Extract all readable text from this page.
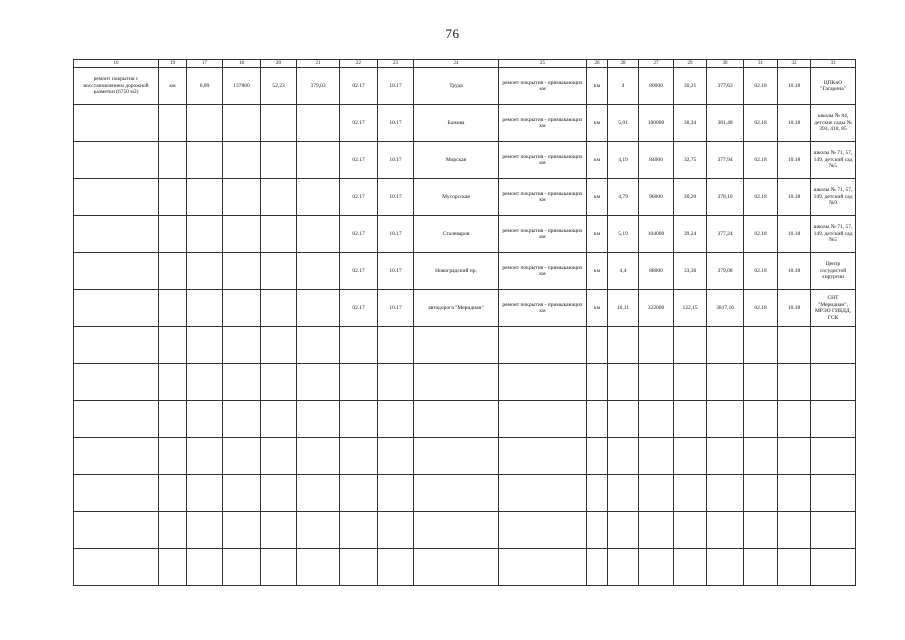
76
16	19	17	18	20	21	22	23	24	25	26	28	27	29	30	31	32	33
ремонт покрытия с восстановлением дорожной разметки (6750 м2)	км	6,89	137800	52,23	379,03	02.17	10.17	Труда	ремонт покрытия - примыкающих км	км	4	80000	30,21	377,63	02.18	10.18	ЦПКиО "Гагарина"
						02.17	10.17	Бажова	ремонт покрытия - примыкающих км	км	5,01	100000	38,34	381,48	02.18	10.18	школы № 84, детские сады № 393, 418, 85
						02.17	10.17	Морская	ремонт покрытия - примыкающих км	км	4,19	84000	32,75	377,94	02.18	10.18	школы № 71, 57, 149, детский сад №5
						02.17	10.17	Мусоргская	ремонт покрытия - примыкающих км	км	4,79	96000	36,20	378,10	02.18	10.18	школы № 71, 57, 149, детский сад №9
						02.17	10.17	Сталеваров	ремонт покрытия - примыкающих км	км	5,19	104000	39,24	377,24	02.18	10.18	школы № 71, 57, 149, детский сад №5
						02.17	10.17	Новоградский пр.	ремонт покрытия - примыкающих км	км	4,4	88000	33,36	379,08	02.18	10.18	Центр сосудистой хирургии
						02.17	10.17	автодорога "Меридиан"	ремонт покрытия - примыкающих км	км	16,11	322000	122,15	3817,16	02.18	10.18	СНТ "Меридиан", МРЭО ГИБДД, ГСК
